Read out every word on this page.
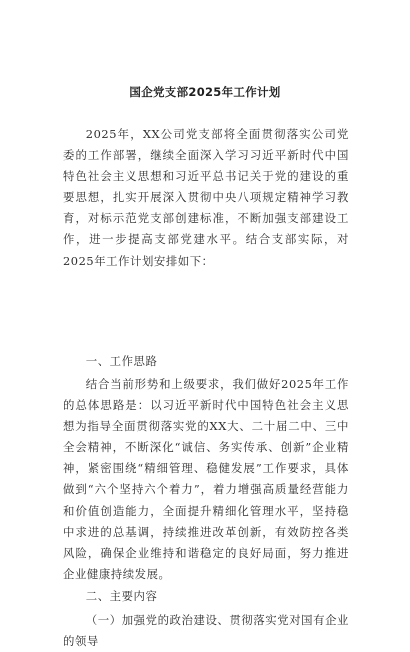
国企党支部2025年工作计划

2025年，XX公司党支部将全面贯彻落实公司党委的工作部署，继续全面深入学习习近平新时代中国特色社会主义思想和习近平总书记关于党的建设的重要思想，扎实开展深入贯彻中央八项规定精神学习教育，对标示范党支部创建标准，不断加强支部建设工作，进一步提高支部党建水平。结合支部实际，对2025年工作计划安排如下：

一、工作思路

结合当前形势和上级要求，我们做好2025年工作的总体思路是：以习近平新时代中国特色社会主义思想为指导全面贯彻落实党的XX大、二十届二中、三中全会精神，不断深化“诚信、务实传承、创新”企业精神，紧密围绕“精细管理、稳健发展”工作要求，具体做到“六个坚持六个着力”，着力增强高质量经营能力和价值创造能力，全面提升精细化管理水平，坚持稳中求进的总基调，持续推进改革创新，有效防控各类风险，确保企业维持和谐稳定的良好局面，努力推进企业健康持续发展。

二、主要内容

（一）加强党的政治建设、贯彻落实党对国有企业的领导
